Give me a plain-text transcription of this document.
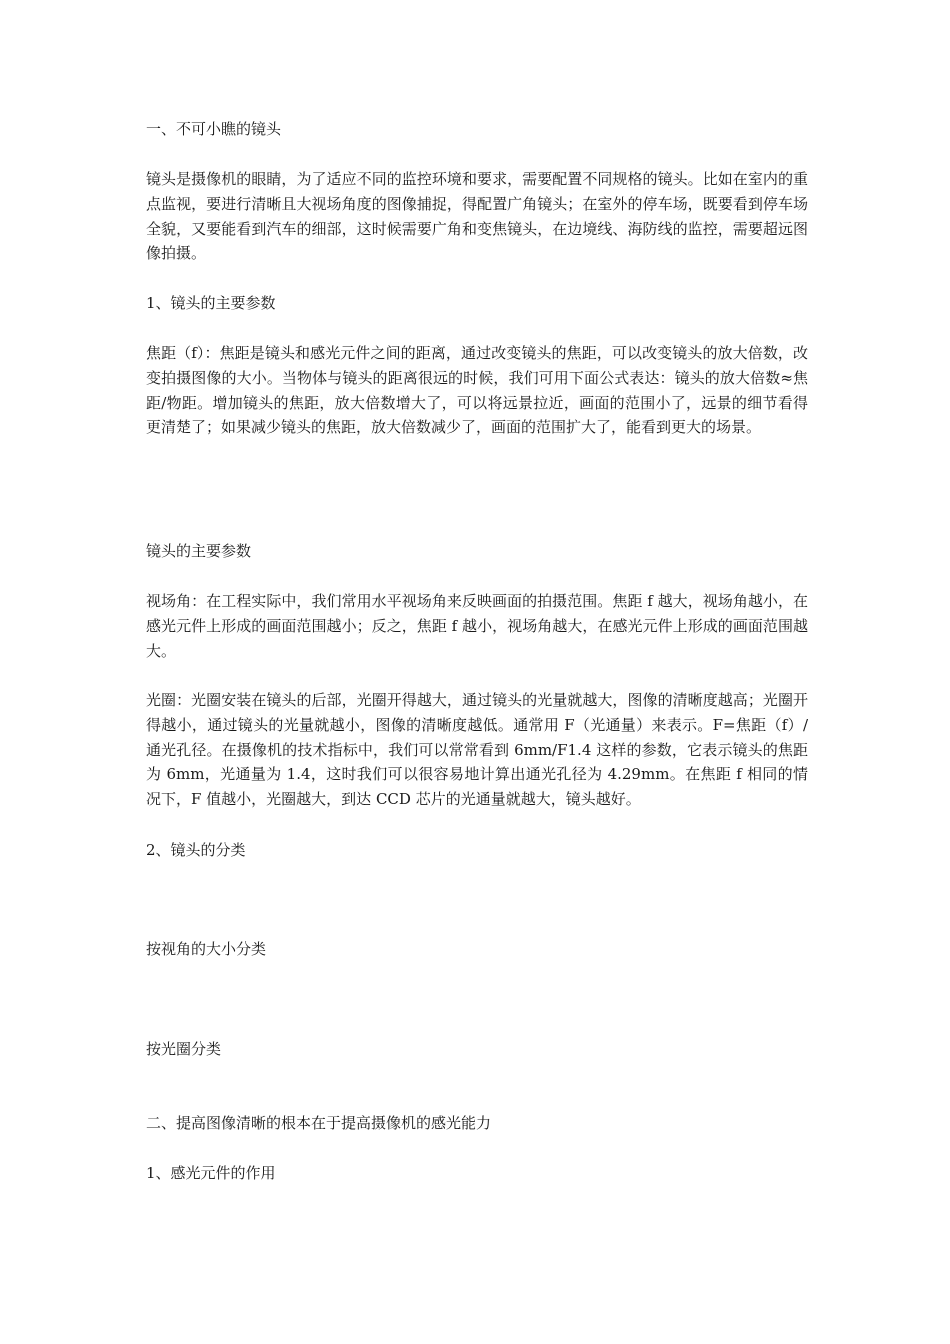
一、不可小瞧的镜头

镜头是摄像机的眼睛，为了适应不同的监控环境和要求，需要配置不同规格的镜头。比如在室内的重点监视，要进行清晰且大视场角度的图像捕捉，得配置广角镜头；在室外的停车场，既要看到停车场全貌，又要能看到汽车的细部，这时候需要广角和变焦镜头，在边境线、海防线的监控，需要超远图像拍摄。

1、镜头的主要参数

焦距（f）：焦距是镜头和感光元件之间的距离，通过改变镜头的焦距，可以改变镜头的放大倍数，改变拍摄图像的大小。当物体与镜头的距离很远的时候，我们可用下面公式表达：镜头的放大倍数≈焦距/物距。增加镜头的焦距，放大倍数增大了，可以将远景拉近，画面的范围小了，远景的细节看得更清楚了；如果减少镜头的焦距，放大倍数减少了，画面的范围扩大了，能看到更大的场景。

镜头的主要参数

视场角：在工程实际中，我们常用水平视场角来反映画面的拍摄范围。焦距 f 越大，视场角越小，在感光元件上形成的画面范围越小；反之，焦距 f 越小，视场角越大，在感光元件上形成的画面范围越大。

光圈：光圈安装在镜头的后部，光圈开得越大，通过镜头的光量就越大，图像的清晰度越高；光圈开得越小，通过镜头的光量就越小，图像的清晰度越低。通常用 F（光通量）来表示。F=焦距（f）/通光孔径。在摄像机的技术指标中，我们可以常常看到 6mm/F1.4 这样的参数，它表示镜头的焦距为 6mm，光通量为 1.4，这时我们可以很容易地计算出通光孔径为 4.29mm。在焦距 f 相同的情况下，F 值越小，光圈越大，到达 CCD 芯片的光通量就越大，镜头越好。

2、镜头的分类

按视角的大小分类

按光圈分类

二、提高图像清晰的根本在于提高摄像机的感光能力

1、感光元件的作用
